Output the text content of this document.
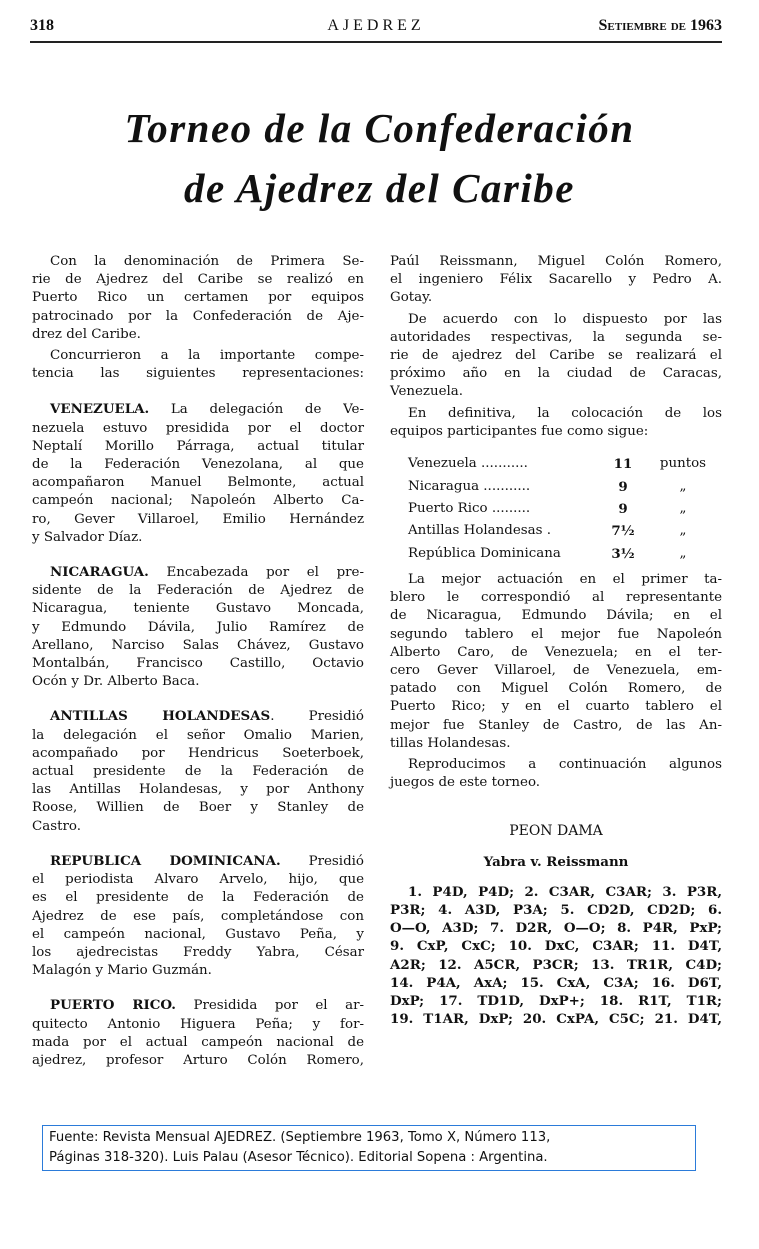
318	AJEDREZ	Setiembre de 1963
Torneo de la Confederación
de Ajedrez del Caribe
Con la denominación de Primera Se-
rie de Ajedrez del Caribe se realizó en
Puerto Rico un certamen por equipos
patrocinado por la Confederación de Aje-
drez del Caribe.
Concurrieron a la importante compe-
tencia las siguientes representaciones:
VENEZUELA. La delegación de Ve-
nezuela estuvo presidida por el doctor
Neptalí Morillo Párraga, actual titular
de la Federación Venezolana, al que
acompañaron Manuel Belmonte, actual
campeón nacional; Napoleón Alberto Ca-
ro, Gever Villaroel, Emilio Hernández
y Salvador Díaz.
NICARAGUA. Encabezada por el pre-
sidente de la Federación de Ajedrez de
Nicaragua, teniente Gustavo Moncada,
y Edmundo Dávila, Julio Ramírez de
Arellano, Narciso Salas Chávez, Gustavo
Montalbán, Francisco Castillo, Octavio
Ocón y Dr. Alberto Baca.
ANTILLAS HOLANDESAS. Presidió
la delegación el señor Omalio Marien,
acompañado por Hendricus Soeterboek,
actual presidente de la Federación de
las Antillas Holandesas, y por Anthony
Roose, Willien de Boer y Stanley de
Castro.
REPUBLICA DOMINICANA. Presidió
el periodista Alvaro Arvelo, hijo, que
es el presidente de la Federación de
Ajedrez de ese país, completándose con
el campeón nacional, Gustavo Peña, y
los ajedrecistas Freddy Yabra, César
Malagón y Mario Guzmán.
PUERTO RICO. Presidida por el ar-
quitecto Antonio Higuera Peña; y for-
mada por el actual campeón nacional de
ajedrez, profesor Arturo Colón Romero,
Paúl Reissmann, Miguel Colón Romero,
el ingeniero Félix Sacarello y Pedro A.
Gotay.
De acuerdo con lo dispuesto por las
autoridades respectivas, la segunda se-
rie de ajedrez del Caribe se realizará el
próximo año en la ciudad de Caracas,
Venezuela.
En definitiva, la colocación de los
equipos participantes fue como sigue:
Venezuela ...........	11	puntos
Nicaragua ...........	9	„
Puerto Rico .........	9	„
Antillas Holandesas .	7½	„
República Dominicana	3½	„
La mejor actuación en el primer ta-
blero le correspondió al representante
de Nicaragua, Edmundo Dávila; en el
segundo tablero el mejor fue Napoleón
Alberto Caro, de Venezuela; en el ter-
cero Gever Villaroel, de Venezuela, em-
patado con Miguel Colón Romero, de
Puerto Rico; y en el cuarto tablero el
mejor fue Stanley de Castro, de las An-
tillas Holandesas.
Reproducimos a continuación algunos
juegos de este torneo.
PEON DAMA
Yabra v. Reissmann
1. P4D, P4D; 2. C3AR, C3AR; 3. P3R,
P3R; 4. A3D, P3A; 5. CD2D, CD2D; 6.
O—O, A3D; 7. D2R, O—O; 8. P4R, PxP;
9. CxP, CxC; 10. DxC, C3AR; 11. D4T,
A2R; 12. A5CR, P3CR; 13. TR1R, C4D;
14. P4A, AxA; 15. CxA, C3A; 16. D6T,
DxP; 17. TD1D, DxP+; 18. R1T, T1R;
19. T1AR, DxP; 20. CxPA, C5C; 21. D4T,
Fuente: Revista Mensual AJEDREZ. (Septiembre 1963, Tomo X, Número 113,
Páginas 318-320). Luis Palau (Asesor Técnico). Editorial Sopena : Argentina.
